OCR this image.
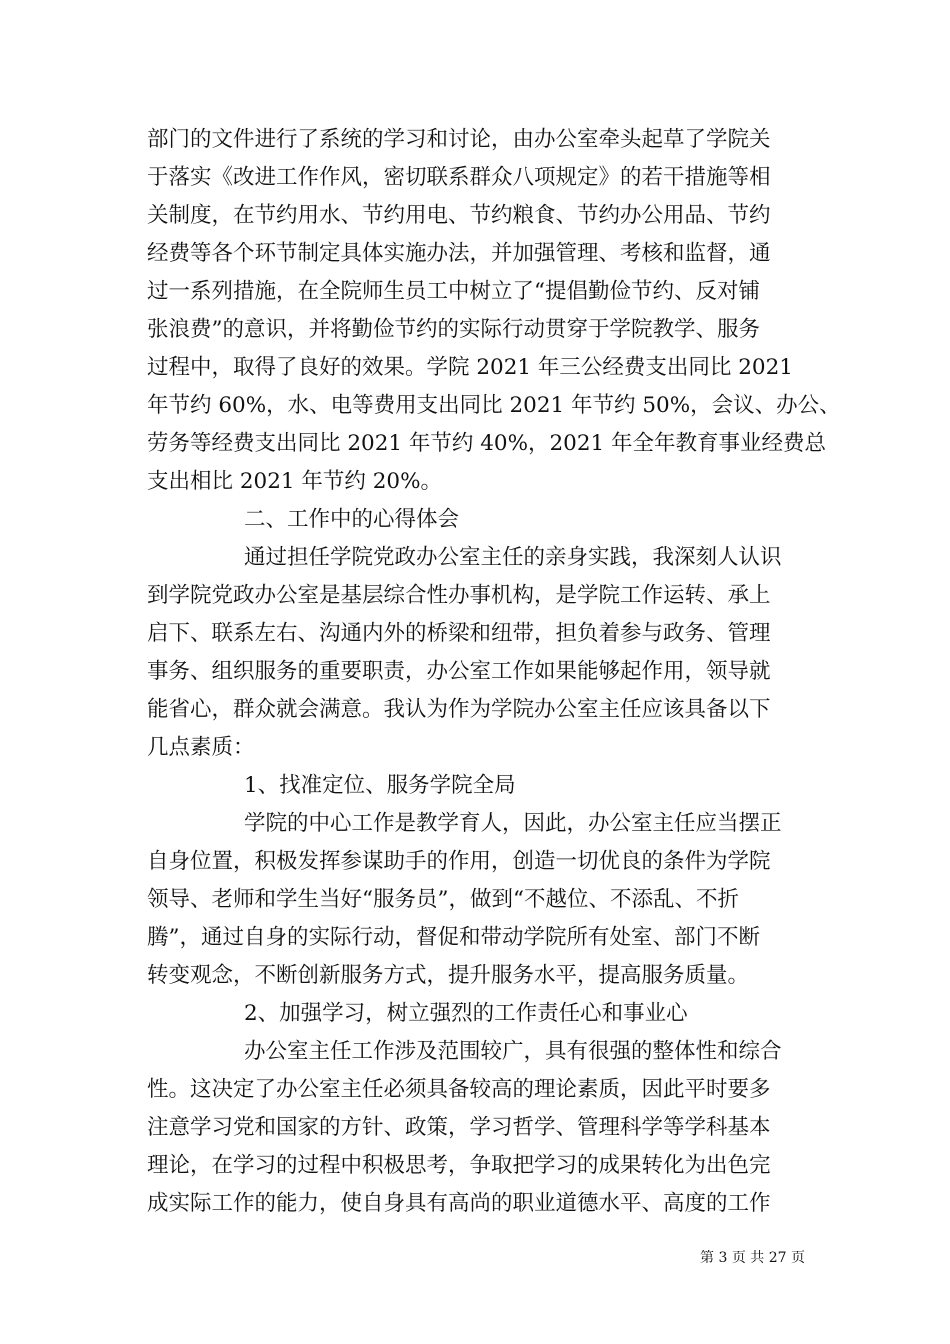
部门的文件进行了系统的学习和讨论，由办公室牵头起草了学院关
于落实《改进工作作风，密切联系群众八项规定》的若干措施等相
关制度，在节约用水、节约用电、节约粮食、节约办公用品、节约
经费等各个环节制定具体实施办法，并加强管理、考核和监督，通
过一系列措施，在全院师生员工中树立了“提倡勤俭节约、反对铺
张浪费”的意识，并将勤俭节约的实际行动贯穿于学院教学、服务
过程中，取得了良好的效果。学院 2021 年三公经费支出同比 2021
年节约 60%，水、电等费用支出同比 2021 年节约 50%，会议、办公、
劳务等经费支出同比 2021 年节约 40%，2021 年全年教育事业经费总
支出相比 2021 年节约 20%。
二、工作中的心得体会
通过担任学院党政办公室主任的亲身实践，我深刻人认识
到学院党政办公室是基层综合性办事机构，是学院工作运转、承上
启下、联系左右、沟通内外的桥梁和纽带，担负着参与政务、管理
事务、组织服务的重要职责，办公室工作如果能够起作用，领导就
能省心，群众就会满意。我认为作为学院办公室主任应该具备以下
几点素质：
1、找准定位、服务学院全局
学院的中心工作是教学育人，因此，办公室主任应当摆正
自身位置，积极发挥参谋助手的作用，创造一切优良的条件为学院
领导、老师和学生当好“服务员”，做到“不越位、不添乱、不折
腾”，通过自身的实际行动，督促和带动学院所有处室、部门不断
转变观念，不断创新服务方式，提升服务水平，提高服务质量。
2、加强学习，树立强烈的工作责任心和事业心
办公室主任工作涉及范围较广，具有很强的整体性和综合
性。这决定了办公室主任必须具备较高的理论素质，因此平时要多
注意学习党和国家的方针、政策，学习哲学、管理科学等学科基本
理论，在学习的过程中积极思考，争取把学习的成果转化为出色完
成实际工作的能力，使自身具有高尚的职业道德水平、高度的工作
第 3 页 共 27 页
